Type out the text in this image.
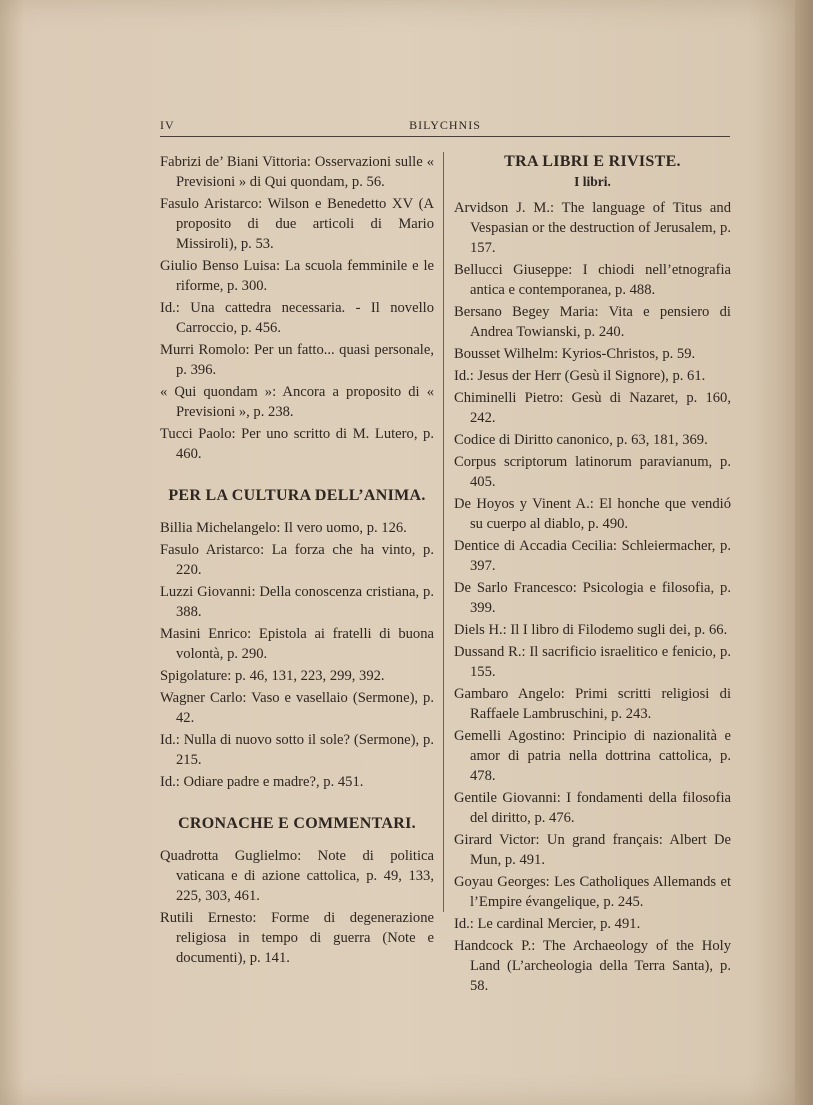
IV	BILYCHNIS

Fabrizi de’ Biani Vittoria: Osservazioni sulle « Previsioni » di Qui quondam, p. 56.

Fasulo Aristarco: Wilson e Benedetto XV (A proposito di due articoli di Mario Missiroli), p. 53.

Giulio Benso Luisa: La scuola femminile e le riforme, p. 300.

Id.: Una cattedra necessaria. - Il novello Carroccio, p. 456.

Murri Romolo: Per un fatto... quasi personale, p. 396.

« Qui quondam »: Ancora a proposito di « Previsioni », p. 238.

Tucci Paolo: Per uno scritto di M. Lutero, p. 460.

PER LA CULTURA DELL’ANIMA.

Billia Michelangelo: Il vero uomo, p. 126.

Fasulo Aristarco: La forza che ha vinto, p. 220.

Luzzi Giovanni: Della conoscenza cristiana, p. 388.

Masini Enrico: Epistola ai fratelli di buona volontà, p. 290.

Spigolature: p. 46, 131, 223, 299, 392.

Wagner Carlo: Vaso e vasellaio (Sermone), p. 42.

Id.: Nulla di nuovo sotto il sole? (Sermone), p. 215.

Id.: Odiare padre e madre?, p. 451.

CRONACHE E COMMENTARI.

Quadrotta Guglielmo: Note di politica vaticana e di azione cattolica, p. 49, 133, 225, 303, 461.

Rutili Ernesto: Forme di degenerazione religiosa in tempo di guerra (Note e documenti), p. 141.

TRA LIBRI E RIVISTE.
I libri.

Arvidson J. M.: The language of Titus and Vespasian or the destruction of Jerusalem, p. 157.

Bellucci Giuseppe: I chiodi nell’etnografia antica e contemporanea, p. 488.

Bersano Begey Maria: Vita e pensiero di Andrea Towianski, p. 240.

Bousset Wilhelm: Kyrios-Christos, p. 59.

Id.: Jesus der Herr (Gesù il Signore), p. 61.

Chiminelli Pietro: Gesù di Nazaret, p. 160, 242.

Codice di Diritto canonico, p. 63, 181, 369.

Corpus scriptorum latinorum paravianum, p. 405.

De Hoyos y Vinent A.: El honche que vendió su cuerpo al diablo, p. 490.

Dentice di Accadia Cecilia: Schleiermacher, p. 397.

De Sarlo Francesco: Psicologia e filosofia, p. 399.

Diels H.: Il I libro di Filodemo sugli dei, p. 66.

Dussand R.: Il sacrificio israelitico e fenicio, p. 155.

Gambaro Angelo: Primi scritti religiosi di Raffaele Lambruschini, p. 243.

Gemelli Agostino: Principio di nazionalità e amor di patria nella dottrina cattolica, p. 478.

Gentile Giovanni: I fondamenti della filosofia del diritto, p. 476.

Girard Victor: Un grand français: Albert De Mun, p. 491.

Goyau Georges: Les Catholiques Allemands et l’Empire évangelique, p. 245.

Id.: Le cardinal Mercier, p. 491.

Handcock P.: The Archaeology of the Holy Land (L’archeologia della Terra Santa), p. 58.
